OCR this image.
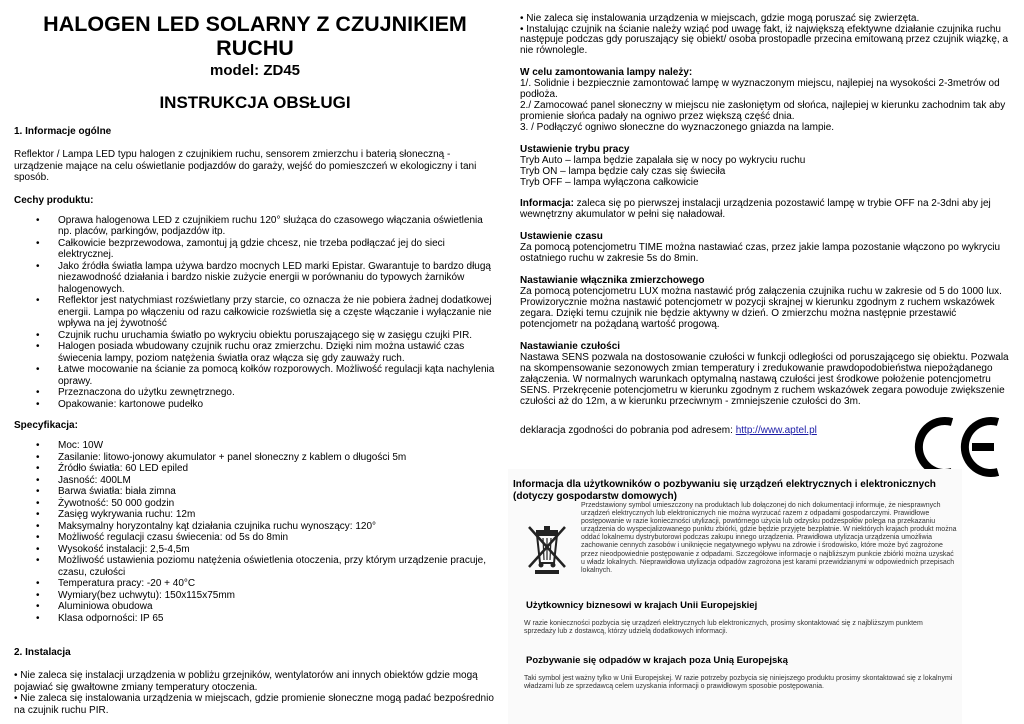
HALOGEN LED SOLARNY Z CZUJNIKIEM RUCHU
model: ZD45
INSTRUKCJA OBSŁUGI
1. Informacje ogólne
Reflektor / Lampa LED typu halogen z czujnikiem ruchu, sensorem zmierzchu i baterią słoneczną - urządzenie mające na celu oświetlanie podjazdów do garaży, wejść do pomieszczeń w ekologiczny i tani sposób.
Cechy produktu:
• Oprawa halogenowa LED z czujnikiem ruchu 120° służąca do czasowego włączania oświetlenia np. placów, parkingów, podjazdów itp.
• Całkowicie bezprzewodowa, zamontuj ją gdzie chcesz, nie trzeba podłączać jej do sieci elektrycznej.
• Jako źródła światła lampa używa bardzo mocnych LED marki Epistar. Gwarantuje to bardzo długą niezawodność działania i bardzo niskie zużycie energii w porównaniu do typowych żarników halogenowych.
• Reflektor jest natychmiast rozświetlany przy starcie, co oznacza że nie pobiera żadnej dodatkowej energii. Lampa po włączeniu od razu całkowicie rozświetla się a częste włączanie i wyłączanie nie wpływa na jej żywotność
• Czujnik ruchu uruchamia światło po wykryciu obiektu poruszającego się w zasięgu czujki PIR.
• Halogen posiada wbudowany czujnik ruchu oraz zmierzchu. Dzięki nim można ustawić czas świecenia lampy, poziom natężenia światła oraz włącza się gdy zauważy ruch.
• Łatwe mocowanie na ścianie za pomocą kołków rozporowych. Możliwość regulacji kąta nachylenia oprawy.
• Przeznaczona do użytku zewnętrznego.
• Opakowanie: kartonowe pudełko
Specyfikacja:
• Moc: 10W
• Zasilanie: litowo-jonowy akumulator + panel słoneczny z kablem o długości 5m
• Źródło światła: 60 LED epiled
• Jasność: 400LM
• Barwa światła: biała zimna
• Żywotność: 50 000 godzin
• Zasięg wykrywania ruchu: 12m
• Maksymalny horyzontalny kąt działania czujnika ruchu wynoszący: 120°
• Możliwość regulacji czasu świecenia: od 5s do 8min
• Wysokość instalacji: 2,5-4,5m
• Możliwość ustawienia poziomu natężenia oświetlenia otoczenia, przy którym urządzenie pracuje, czasu, czułości
• Temperatura pracy: -20 + 40°C
• Wymiary(bez uchwytu): 150x115x75mm
• Aluminiowa obudowa
• Klasa odporności: IP 65
2. Instalacja
• Nie zaleca się instalacji urządzenia w pobliżu grzejników, wentylatorów ani innych obiektów gdzie mogą pojawiać się gwałtowne zmiany temperatury otoczenia.
• Nie zaleca się instalowania urządzenia w miejscach, gdzie promienie słoneczne mogą padać bezpośrednio na czujnik ruchu PIR.
• Nie zaleca się instalowania urządzenia w miejscach, gdzie mogą poruszać się zwierzęta.
• Instalując czujnik na ścianie należy wziąć pod uwagę fakt, iż największą efektywne działanie czujnika ruchu następuje podczas gdy poruszający się obiekt/ osoba prostopadle przecina emitowaną przez czujnik wiązkę, a nie równolegle.
W celu zamontowania lampy należy:
1/. Solidnie i bezpiecznie zamontować lampę w wyznaczonym miejscu, najlepiej na wysokości 2-3metrów od podłoża.
2./ Zamocować panel słoneczny w miejscu nie zasłoniętym od słońca, najlepiej w kierunku zachodnim tak aby promienie słońca padały na ogniwo przez większą część dnia.
3. / Podłączyć ogniwo słoneczne do wyznaczonego gniazda na lampie.
Ustawienie trybu pracy
Tryb Auto – lampa będzie zapalała się w nocy po wykryciu ruchu
Tryb ON – lampa będzie cały czas się świeciła
Tryb OFF – lampa wyłączona całkowicie
Informacja: zaleca się po pierwszej instalacji urządzenia pozostawić lampę w trybie OFF na 2-3dni aby jej wewnętrzny akumulator w pełni się naładował.
Ustawienie czasu
Za pomocą potencjometru TIME można nastawiać czas, przez jakie lampa pozostanie włączono po wykryciu ostatniego ruchu w zakresie 5s do 8min.
Nastawianie włącznika zmierzchowego
Za pomocą potencjometru LUX można nastawić próg załączenia czujnika ruchu w zakresie od 5 do 1000 lux. Prowizorycznie można nastawić potencjometr w pozycji skrajnej w kierunku zgodnym z ruchem wskazówek zegara. Dzięki temu czujnik nie będzie aktywny w dzień. O zmierzchu można następnie przestawić potencjometr na pożądaną wartość progową.
Nastawianie czułości
Nastawa SENS pozwala na dostosowanie czułości w funkcji odległości od poruszającego się obiektu. Pozwala na skompensowanie sezonowych zmian temperatury i zredukowanie prawdopodobieństwa niepożądanego załączenia. W normalnych warunkach optymalną nastawą czułości jest środkowe położenie potencjometru SENS. Przekręcenie potencjometru w kierunku zgodnym z ruchem wskazówek zegara powoduje zwiększenie czułości aż do 12m, a w kierunku przeciwnym - zmniejszenie czułości do 3m.
deklaracja zgodności do pobrania pod adresem: http://www.aptel.pl
Informacja dla użytkowników o pozbywaniu się urządzeń elektrycznych i elektronicznych (dotyczy gospodarstw domowych)
Przedstawiony symbol umieszczony na produktach lub dołączonej do nich dokumentacji informuje, że niesprawnych urządzeń elektrycznych lub elektronicznych nie można wyrzucać razem z odpadami gospodarczymi. Prawidłowe postępowanie w razie konieczności utylizacji, powtórnego użycia lub odzysku podzespołów polega na przekazaniu urządzenia do wyspecjalizowanego punktu zbiórki, gdzie będzie przyjęte bezpłatnie. W niektórych krajach produkt można oddać lokalnemu dystrybutorowi podczas zakupu innego urządzenia. Prawidłowa utylizacja urządzenia umożliwia zachowanie cennych zasobów i uniknięcie negatywnego wpływu na zdrowie i środowisko, które może być zagrożone przez nieodpowiednie postępowanie z odpadami. Szczegółowe informacje o najbliższym punkcie zbiórki można uzyskać u władz lokalnych. Nieprawidłowa utylizacja odpadów zagrożona jest karami przewidzianymi w odpowiednich przepisach lokalnych.
Użytkownicy biznesowi w krajach Unii Europejskiej
W razie konieczności pozbycia się urządzeń elektrycznych lub elektronicznych, prosimy skontaktować się z najbliższym punktem sprzedaży lub z dostawcą, którzy udzielą dodatkowych informacji.
Pozbywanie się odpadów w krajach poza Unią Europejską
Taki symbol jest ważny tylko w Unii Europejskej. W razie potrzeby pozbycia się niniejszego produktu prosimy skontaktować się z lokalnymi władzami lub ze sprzedawcą celem uzyskania informacji o prawidłowym sposobie postępowania.
